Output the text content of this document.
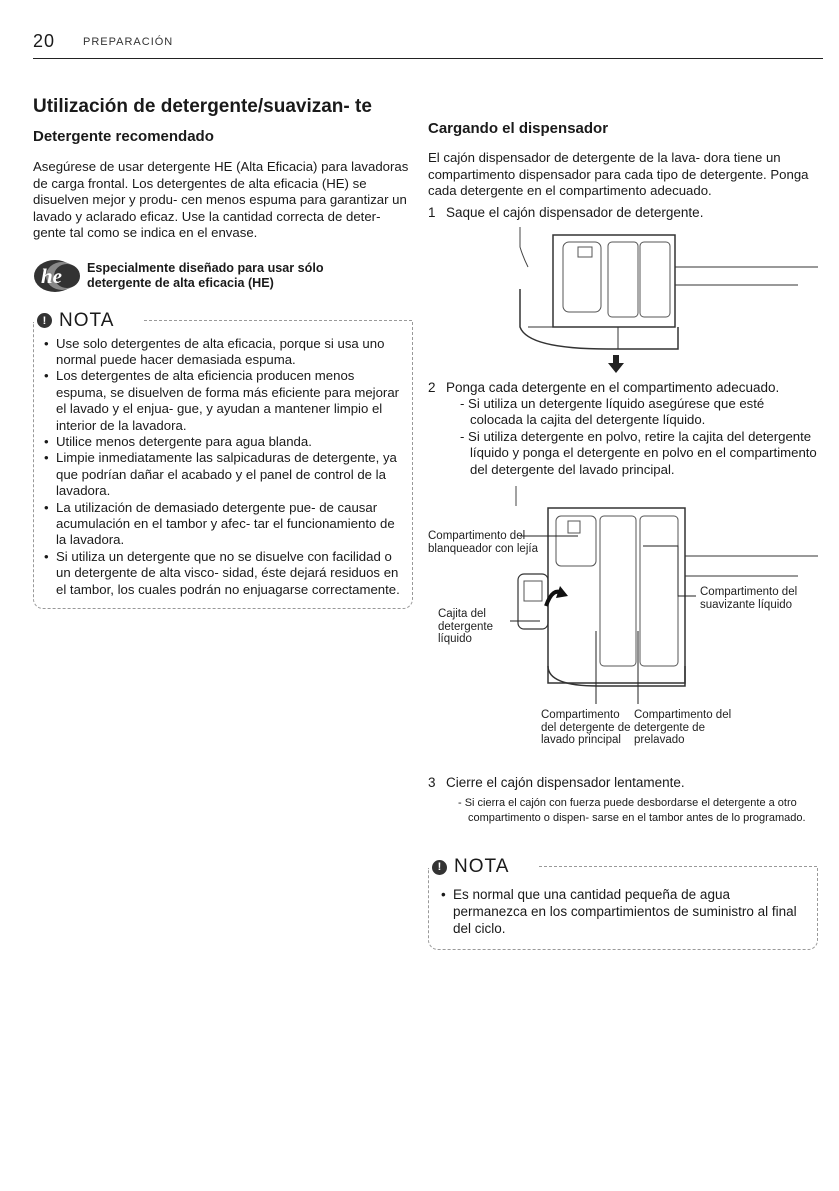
20	PREPARACIÓN
Utilización de detergente/suavizan- te
Detergente recomendado

Asegúrese de usar detergente HE (Alta Eficacia) para lavadoras de carga frontal. Los detergentes de alta eficacia (HE) se disuelven mejor y produ- cen menos espuma para garantizar un lavado y aclarado eficaz. Use la cantidad correcta de deter- gente tal como se indica en el envase.

he Especialmente diseñado para usar sólo
detergente de alta eficacia (HE)
! NOTA
• Use solo detergentes de alta eficacia, porque si usa uno normal puede hacer demasiada espuma.
• Los detergentes de alta eficiencia producen menos espuma, se disuelven de forma más eficiente para mejorar el lavado y el enjua- gue, y ayudan a mantener limpio el interior de la lavadora.
• Utilice menos detergente para agua blanda.
• Limpie inmediatamente las salpicaduras de detergente, ya que podrían dañar el acabado y el panel de control de la lavadora.
• La utilización de demasiado detergente pue- de causar acumulación en el tambor y afec- tar el funcionamiento de la lavadora.
• Si utiliza un detergente que no se disuelve con facilidad o un detergente de alta visco- sidad, éste dejará residuos en el tambor, los cuales podrán no enjuagarse correctamente.
Cargando el dispensador

El cajón dispensador de detergente de la lava- dora tiene un compartimento dispensador para cada tipo de detergente. Ponga cada detergente en el compartimento adecuado.

1 Saque el cajón dispensador de detergente.
2 Ponga cada detergente en el compartimento adecuado.
- Si utiliza un detergente líquido asegúrese que esté colocada la cajita del detergente líquido.
- Si utiliza detergente en polvo, retire la cajita del detergente líquido y ponga el detergente en polvo en el compartimento del detergente del lavado principal.
Compartimento del blanqueador con lejía
Compartimento del suavizante líquido
Cajita del detergente líquido
Compartimento del detergente de lavado principal
Compartimento del detergente de prelavado
3 Cierre el cajón dispensador lentamente.
- Si cierra el cajón con fuerza puede desbordarse el detergente a otro compartimento o dispen- sarse en el tambor antes de lo programado.
! NOTA
• Es normal que una cantidad pequeña de agua permanezca en los compartimientos de suministro al final del ciclo.
